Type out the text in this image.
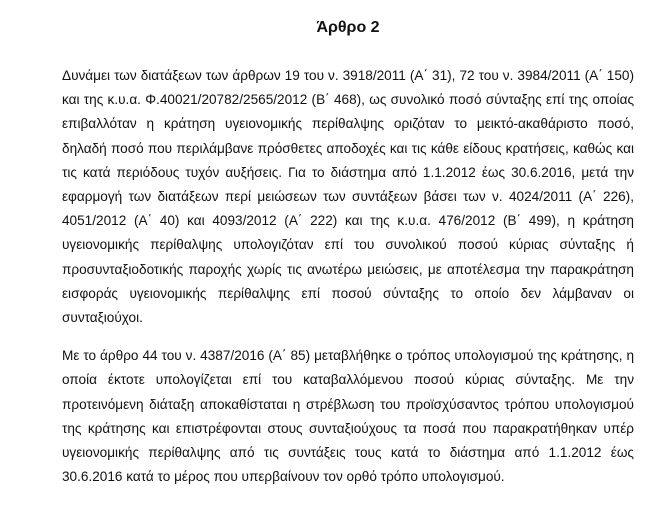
Άρθρο 2

Δυνάμει των διατάξεων των άρθρων 19 του ν. 3918/2011 (Α΄ 31), 72 του ν. 3984/2011 (Α΄ 150) και της κ.υ.α. Φ.40021/20782/2565/2012 (Β΄ 468), ως συνολικό ποσό σύνταξης επί της οποίας επιβαλλόταν η κράτηση υγειονομικής περίθαλψης οριζόταν το μεικτό-ακαθάριστο ποσό, δηλαδή ποσό που περιλάμβανε πρόσθετες αποδοχές και τις κάθε είδους κρατήσεις, καθώς και τις κατά περιόδους τυχόν αυξήσεις. Για το διάστημα από 1.1.2012 έως 30.6.2016, μετά την εφαρμογή των διατάξεων περί μειώσεων των συντάξεων βάσει των ν. 4024/2011 (Α΄ 226), 4051/2012 (Α΄ 40) και 4093/2012 (Α΄ 222) και της κ.υ.α. 476/2012 (Β΄ 499), η κράτηση υγειονομικής περίθαλψης υπολογιζόταν επί του συνολικού ποσού κύριας σύνταξης ή προσυνταξιοδοτικής παροχής χωρίς τις ανωτέρω μειώσεις, με αποτέλεσμα την παρακράτηση εισφοράς υγειονομικής περίθαλψης επί ποσού σύνταξης το οποίο δεν λάμβαναν οι συνταξιούχοι.

Με το άρθρο 44 του ν. 4387/2016 (Α΄ 85) μεταβλήθηκε ο τρόπος υπολογισμού της κράτησης, η οποία έκτοτε υπολογίζεται επί του καταβαλλόμενου ποσού κύριας σύνταξης. Με την προτεινόμενη διάταξη αποκαθίσταται η στρέβλωση του προϊσχύσαντος τρόπου υπολογισμού της κράτησης και επιστρέφονται στους συνταξιούχους τα ποσά που παρακρατήθηκαν υπέρ υγειονομικής περίθαλψης από τις συντάξεις τους κατά το διάστημα από 1.1.2012 έως 30.6.2016 κατά το μέρος που υπερβαίνουν τον ορθό τρόπο υπολογισμού.
